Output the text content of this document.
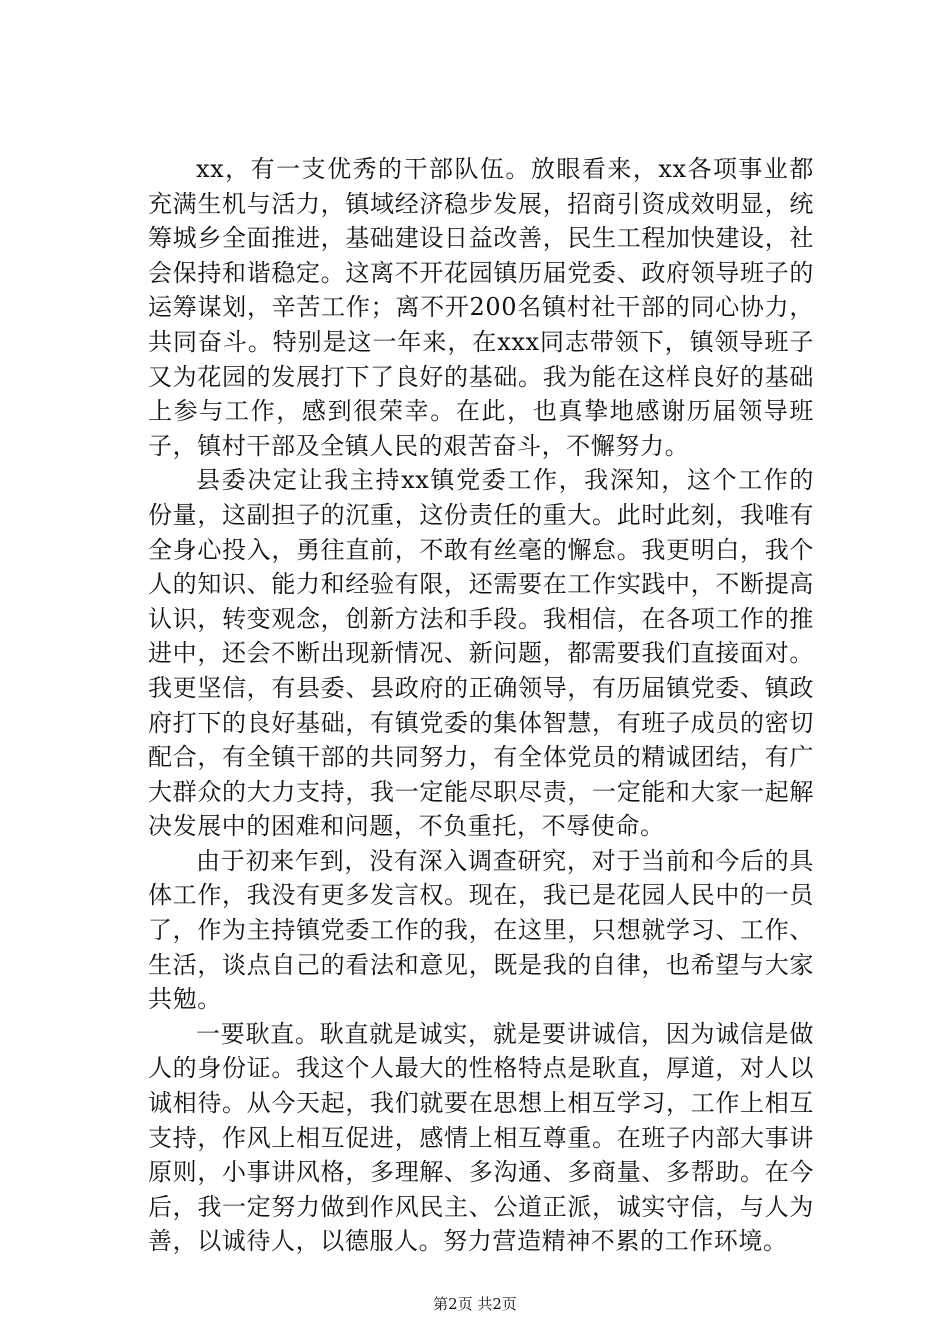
xx，有一支优秀的干部队伍。放眼看来，xx各项事业都充满生机与活力，镇域经济稳步发展，招商引资成效明显，统筹城乡全面推进，基础建设日益改善，民生工程加快建设，社会保持和谐稳定。这离不开花园镇历届党委、政府领导班子的运筹谋划，辛苦工作；离不开200名镇村社干部的同心协力，共同奋斗。特别是这一年来，在xxx同志带领下，镇领导班子又为花园的发展打下了良好的基础。我为能在这样良好的基础上参与工作，感到很荣幸。在此，也真挚地感谢历届领导班子，镇村干部及全镇人民的艰苦奋斗，不懈努力。

县委决定让我主持xx镇党委工作，我深知，这个工作的份量，这副担子的沉重，这份责任的重大。此时此刻，我唯有全身心投入，勇往直前，不敢有丝毫的懈怠。我更明白，我个人的知识、能力和经验有限，还需要在工作实践中，不断提高认识，转变观念，创新方法和手段。我相信，在各项工作的推进中，还会不断出现新情况、新问题，都需要我们直接面对。我更坚信，有县委、县政府的正确领导，有历届镇党委、镇政府打下的良好基础，有镇党委的集体智慧，有班子成员的密切配合，有全镇干部的共同努力，有全体党员的精诚团结，有广大群众的大力支持，我一定能尽职尽责，一定能和大家一起解决发展中的困难和问题，不负重托，不辱使命。

由于初来乍到，没有深入调查研究，对于当前和今后的具体工作，我没有更多发言权。现在，我已是花园人民中的一员了，作为主持镇党委工作的我，在这里，只想就学习、工作、生活，谈点自己的看法和意见，既是我的自律，也希望与大家共勉。

一要耿直。耿直就是诚实，就是要讲诚信，因为诚信是做人的身份证。我这个人最大的性格特点是耿直，厚道，对人以诚相待。从今天起，我们就要在思想上相互学习，工作上相互支持，作风上相互促进，感情上相互尊重。在班子内部大事讲原则，小事讲风格，多理解、多沟通、多商量、多帮助。在今后，我一定努力做到作风民主、公道正派，诚实守信，与人为善，以诚待人，以德服人。努力营造精神不累的工作环境。

第2页 共2页
